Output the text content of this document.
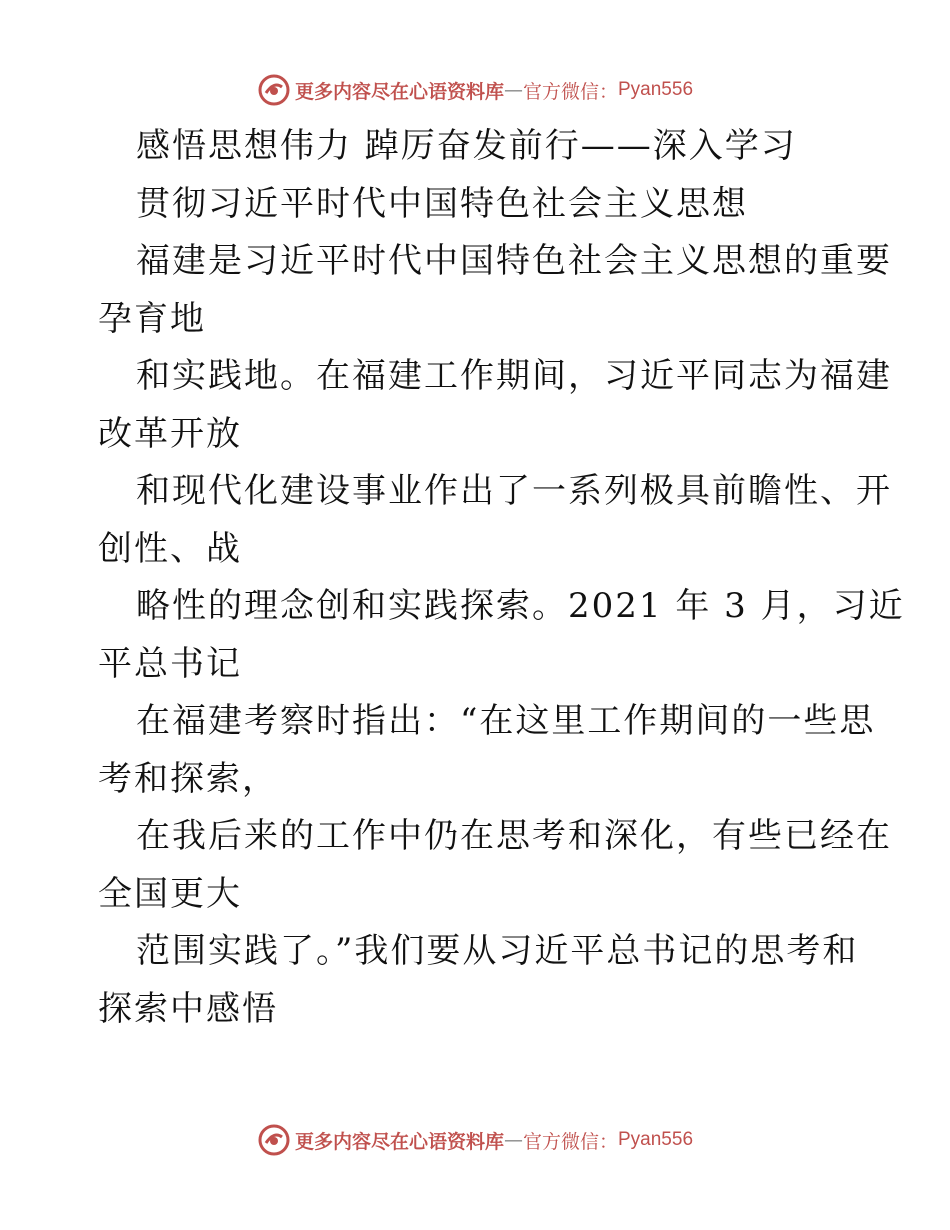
更多内容尽在心语资料库 — 官方微信： Pyan556
感悟思想伟力 踔厉奋发前行——深入学习
贯彻习近平时代中国特色社会主义思想
福建是习近平时代中国特色社会主义思想的重要
孕育地
和实践地。在福建工作期间，习近平同志为福建
改革开放
和现代化建设事业作出了一系列极具前瞻性、开
创性、战
略性的理念创和实践探索。2021 年 3 月，习近
平总书记
在福建考察时指出：“在这里工作期间的一些思
考和探索，
在我后来的工作中仍在思考和深化，有些已经在
全国更大
范围实践了。”我们要从习近平总书记的思考和
探索中感悟
更多内容尽在心语资料库 — 官方微信： Pyan556
